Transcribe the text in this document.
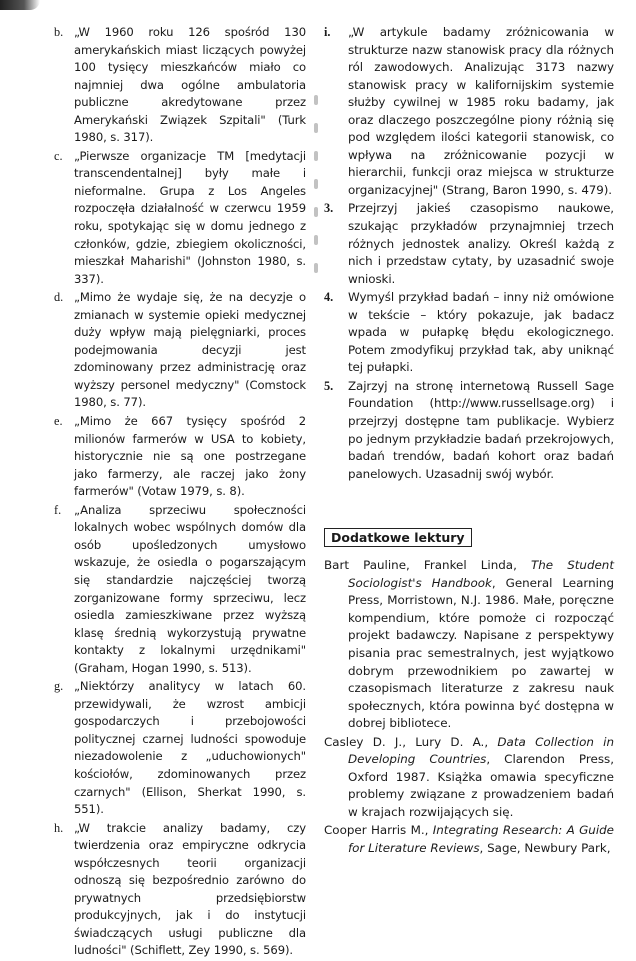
b. „W 1960 roku 126 spośród 130 amerykańskich miast liczących powyżej 100 tysięcy mieszkańców miało co najmniej dwa ogólne ambulatoria publiczne akredytowane przez Amerykański Związek Szpitali" (Turk 1980, s. 317).
c. „Pierwsze organizacje TM [medytacji transcendentalnej] były małe i nieformalne. Grupa z Los Angeles rozpoczęła działalność w czerwcu 1959 roku, spotykając się w domu jednego z członków, gdzie, zbiegiem okoliczności, mieszkał Maharishi" (Johnston 1980, s. 337).
d. „Mimo że wydaje się, że na decyzje o zmianach w systemie opieki medycznej duży wpływ mają pielęgniarki, proces podejmowania decyzji jest zdominowany przez administrację oraz wyższy personel medyczny" (Comstock 1980, s. 77).
e. „Mimo że 667 tysięcy spośród 2 milionów farmerów w USA to kobiety, historycznie nie są one postrzegane jako farmerzy, ale raczej jako żony farmerów" (Votaw 1979, s. 8).
f.	„Analiza sprzeciwu społeczności lokalnych wobec wspólnych domów dla osób upośledzonych umysłowo wskazuje, że osiedla o pogarszającym się standardzie najczęściej tworzą zorganizowane formy sprzeciwu, lecz osiedla zamieszkiwane przez wyższą klasę średnią wykorzystują prywatne kontakty z lokalnymi urzędnikami" (Graham, Hogan 1990, s. 513).
g. „Niektórzy analitycy w latach 60. przewidywali, że wzrost ambicji gospodarczych i przebojowości politycznej czarnej ludności spowoduje niezadowolenie z „uduchowionych" kościołów, zdominowanych przez czarnych" (Ellison, Sherkat 1990, s. 551).
h. „W trakcie analizy badamy, czy twierdzenia oraz empiryczne odkrycia współczesnych teorii organizacji odnoszą się bezpośrednio zarówno do prywatnych przedsiębiorstw produkcyjnych, jak i do instytucji świadczących usługi publiczne dla ludności" (Schiflett, Zey 1990, s. 569).
i.	„W artykule badamy zróżnicowania w strukturze nazw stanowisk pracy dla różnych ról zawodowych. Analizując 3173 nazwy stanowisk pracy w kalifornijskim systemie służby cywilnej w 1985 roku badamy, jak oraz dlaczego poszczególne piony różnią się pod względem ilości kategorii stanowisk, co wpływa na zróżnicowanie pozycji w hierarchii, funkcji oraz miejsca w strukturze organizacyjnej" (Strang, Baron 1990, s. 479).
3.	Przejrzyj jakieś czasopismo naukowe, szukając przykładów przynajmniej trzech różnych jednostek analizy. Określ każdą z nich i przedstaw cytaty, by uzasadnić swoje wnioski.
4.	Wymyśl przykład badań – inny niż omówione w tekście – który pokazuje, jak badacz wpada w pułapkę błędu ekologicznego. Potem zmodyfikuj przykład tak, aby uniknąć tej pułapki.
5.	Zajrzyj na stronę internetową Russell Sage Foundation (http://www.russellsage.org) i przejrzyj dostępne tam publikacje. Wybierz po jednym przykładzie badań przekrojowych, badań trendów, badań kohort oraz badań panelowych. Uzasadnij swój wybór.
Dodatkowe lektury
Bart Pauline, Frankel Linda, The Student Sociologist's Handbook, General Learning Press, Morristown, N.J. 1986. Małe, poręczne kompendium, które pomoże ci rozpocząć projekt badawczy. Napisane z perspektywy pisania prac semestralnych, jest wyjątkowo dobrym przewodnikiem po zawartej w czasopismach literaturze z zakresu nauk społecznych, która powinna być dostępna w dobrej bibliotece.
Casley D. J., Lury D. A., Data Collection in Developing Countries, Clarendon Press, Oxford 1987. Książka omawia specyficzne problemy związane z prowadzeniem badań w krajach rozwijających się.
Cooper Harris M., Integrating Research: A Guide for Literature Reviews, Sage, Newbury Park,
